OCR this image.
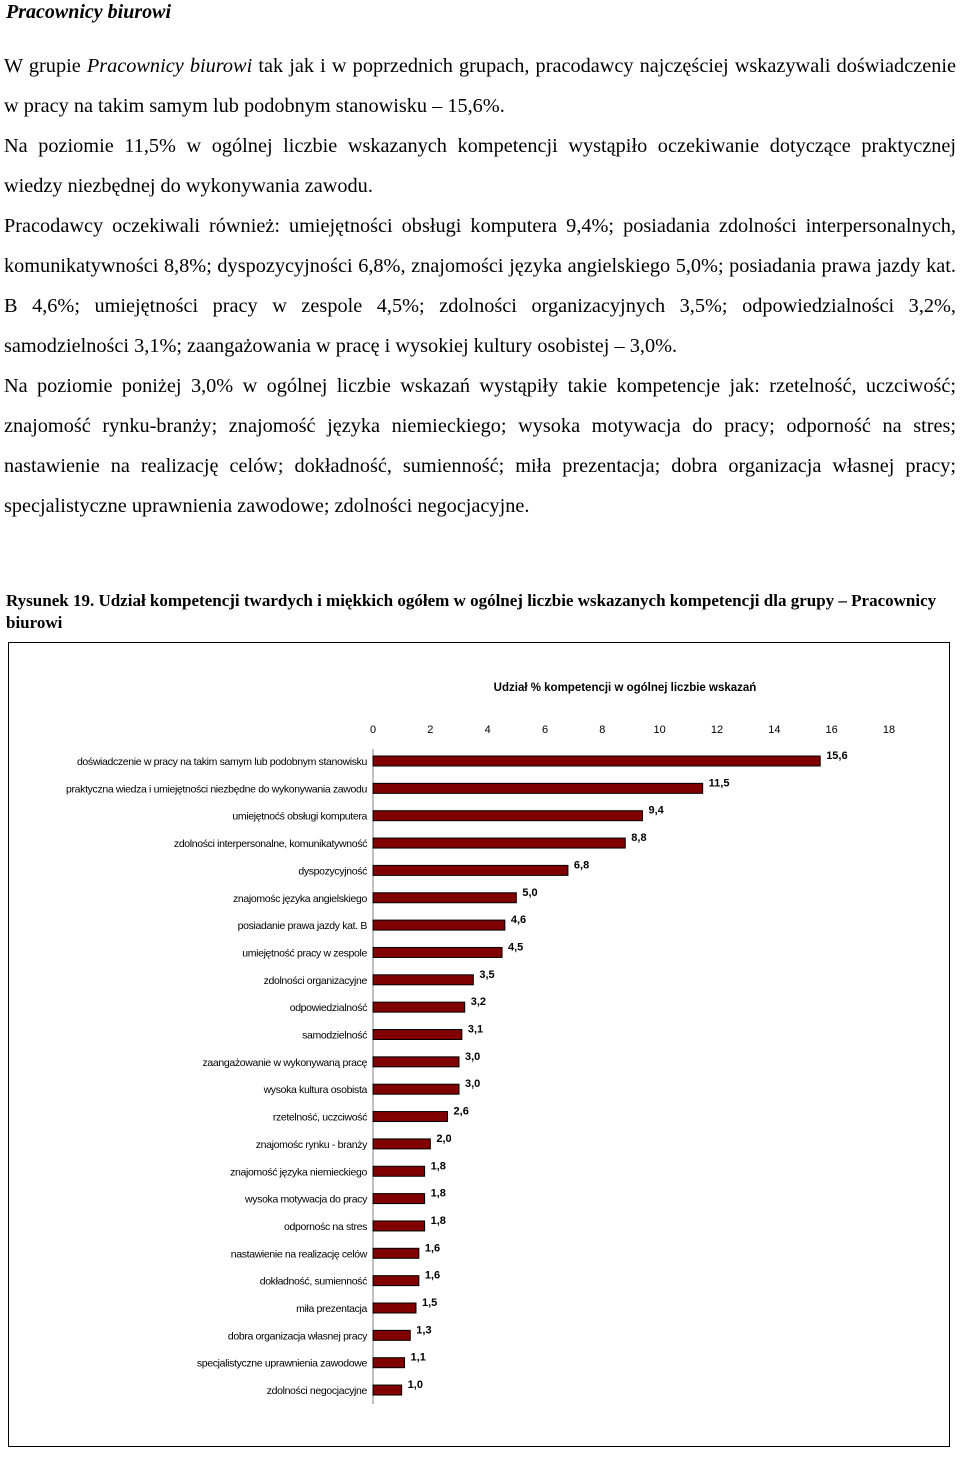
Pracownicy biurowi

W grupie Pracownicy biurowi tak jak i w poprzednich grupach, pracodawcy najczęściej wskazywali doświadczenie w pracy na takim samym lub podobnym stanowisku – 15,6%.

Na poziomie 11,5% w ogólnej liczbie wskazanych kompetencji wystąpiło oczekiwanie dotyczące praktycznej wiedzy niezbędnej do wykonywania zawodu.

Pracodawcy oczekiwali również: umiejętności obsługi komputera 9,4%; posiadania zdolności interpersonalnych, komunikatywności 8,8%; dyspozycyjności 6,8%, znajomości języka angielskiego 5,0%; posiadania prawa jazdy kat. B 4,6%; umiejętności pracy w zespole 4,5%; zdolności organizacyjnych 3,5%; odpowiedzialności 3,2%, samodzielności 3,1%; zaangażowania w pracę i wysokiej kultury osobistej – 3,0%.

Na poziomie poniżej 3,0% w ogólnej liczbie wskazań wystąpiły takie kompetencje jak: rzetelność, uczciwość; znajomość rynku-branży; znajomość języka niemieckiego; wysoka motywacja do pracy; odporność na stres; nastawienie na realizację celów; dokładność, sumienność; miła prezentacja; dobra organizacja własnej pracy; specjalistyczne uprawnienia zawodowe; zdolności negocjacyjne.

Rysunek 19. Udział kompetencji twardych i miękkich ogółem w ogólnej liczbie wskazanych kompetencji dla grupy – Pracownicy biurowi

Udział % kompetencji w ogólnej liczbie wskazań
0	2	4	6	8	10	12	14	16	18
doświadczenie w pracy na takim samym lub podobnym stanowisku
praktyczna wiedza i umiejętności niezbędne do wykonywania zawodu
umiejętnoćś obsługi komputera
zdolności interpersonalne, komunikatywność
dyspozycyjność
znajomośc języka angielskiego
posiadanie prawa jazdy kat. B
umiejętność pracy w zespole
zdolności organizacyjne
odpowiedzialność
samodzielność
zaangażowanie w wykonywaną pracę
wysoka kultura osobista
rzetelność, uczciwość
znajomośc rynku - branży
znajomość języka niemieckiego
wysoka motywacja do pracy
odpornośc na stres
nastawienie na realizację celów
dokładność, sumienność
miła prezentacja
dobra organizacja własnej pracy
specjalistyczne uprawnienia zawodowe
zdolności negocjacyjne
15,6
11,5
9,4
8,8
6,8
5,0
4,6
4,5
3,5
3,2
3,1
3,0
3,0
2,6
2,0
1,8
1,8
1,8
1,6
1,6
1,5
1,3
1,1
1,0
